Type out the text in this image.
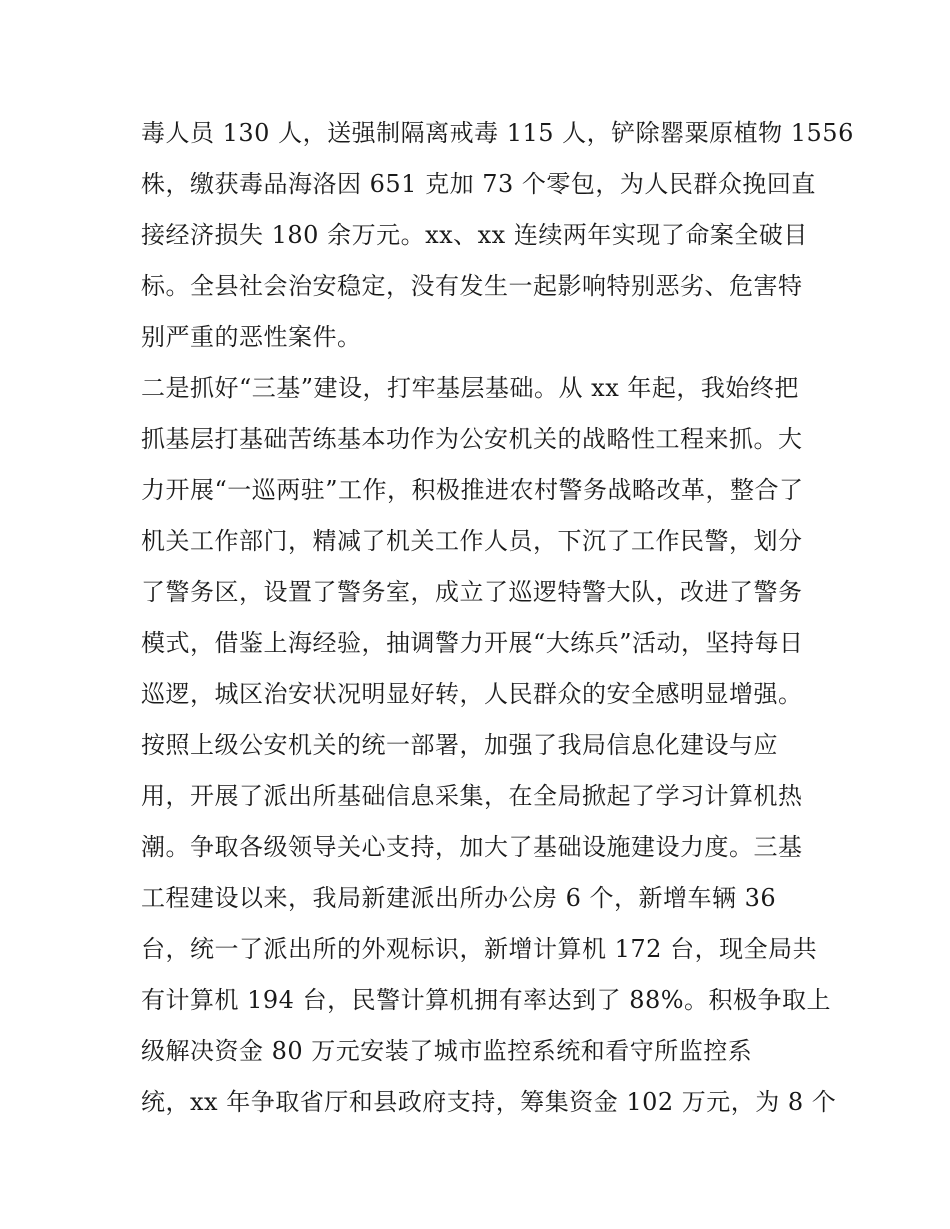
毒人员 130 人，送强制隔离戒毒 115 人，铲除罂粟原植物 1556
株，缴获毒品海洛因 651 克加 73 个零包，为人民群众挽回直
接经济损失 180 余万元。xx、xx 连续两年实现了命案全破目
标。全县社会治安稳定，没有发生一起影响特别恶劣、危害特
别严重的恶性案件。
二是抓好“三基”建设，打牢基层基础。从 xx 年起，我始终把
抓基层打基础苦练基本功作为公安机关的战略性工程来抓。大
力开展“一巡两驻”工作，积极推进农村警务战略改革，整合了
机关工作部门，精减了机关工作人员，下沉了工作民警，划分
了警务区，设置了警务室，成立了巡逻特警大队，改进了警务
模式，借鉴上海经验，抽调警力开展“大练兵”活动，坚持每日
巡逻，城区治安状况明显好转，人民群众的安全感明显增强。
按照上级公安机关的统一部署，加强了我局信息化建设与应
用，开展了派出所基础信息采集，在全局掀起了学习计算机热
潮。争取各级领导关心支持，加大了基础设施建设力度。三基
工程建设以来，我局新建派出所办公房 6 个，新增车辆 36
台，统一了派出所的外观标识，新增计算机 172 台，现全局共
有计算机 194 台，民警计算机拥有率达到了 88%。积极争取上
级解决资金 80 万元安装了城市监控系统和看守所监控系
统，xx 年争取省厅和县政府支持，筹集资金 102 万元，为 8 个
